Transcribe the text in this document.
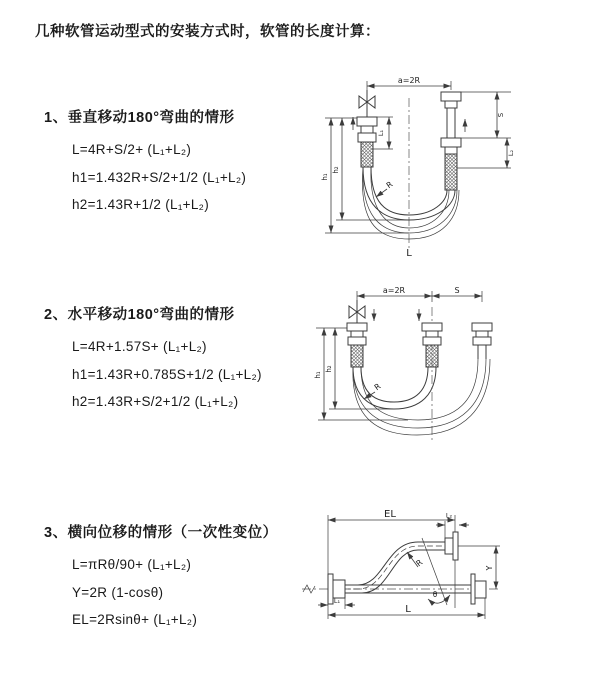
几种软管运动型式的安装方式时，软管的长度计算：
1、垂直移动180°弯曲的情形
L=4R+S/2+ (L₁+L₂)
h1=1.432R+S/2+1/2 (L₁+L₂)
h2=1.43R+1/2 (L₁+L₂)
2、水平移动180°弯曲的情形
L=4R+1.57S+ (L₁+L₂)
h1=1.43R+0.785S+1/2 (L₁+L₂)
h2=1.43R+S/2+1/2 (L₁+L₂)
3、横向位移的情形（一次性变位）
L=πRθ/90+ (L₁+L₂)
Y=2R (1-cosθ)
EL=2Rsinθ+ (L₁+L₂)
a=2R
h₁
h₂
L₁
S
L₂
R
L
a=2R	S
h₁
h₂
R
EL	L₂
Y
R
θ
L₁
L
